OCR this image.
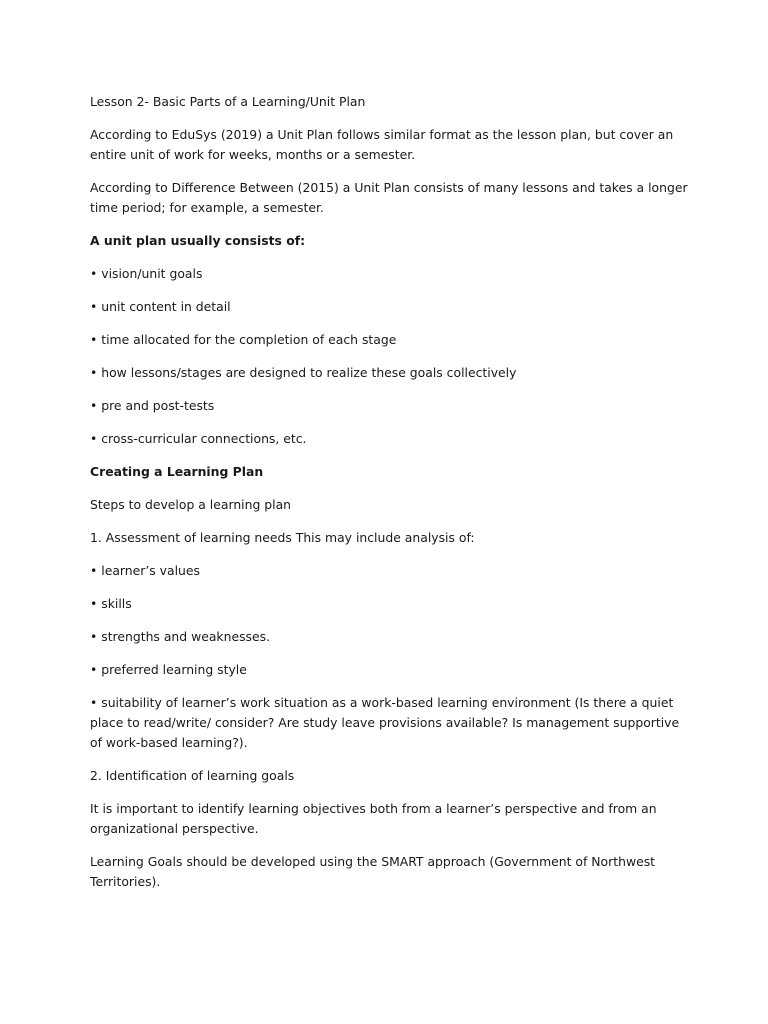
Lesson 2- Basic Parts of a Learning/Unit Plan

According to EduSys (2019) a Unit Plan follows similar format as the lesson plan, but cover an entire unit of work for weeks, months or a semester.

According to Difference Between (2015) a Unit Plan consists of many lessons and takes a longer time period; for example, a semester.

A unit plan usually consists of:

• vision/unit goals

• unit content in detail

• time allocated for the completion of each stage

• how lessons/stages are designed to realize these goals collectively

• pre and post-tests

• cross-curricular connections, etc.

Creating a Learning Plan

Steps to develop a learning plan

1. Assessment of learning needs This may include analysis of:

• learner’s values

• skills

• strengths and weaknesses.

• preferred learning style

• suitability of learner’s work situation as a work-based learning environment (Is there a quiet place to read/write/ consider? Are study leave provisions available? Is management supportive of work-based learning?).

2. Identification of learning goals

It is important to identify learning objectives both from a learner’s perspective and from an organizational perspective.

Learning Goals should be developed using the SMART approach (Government of Northwest Territories).
